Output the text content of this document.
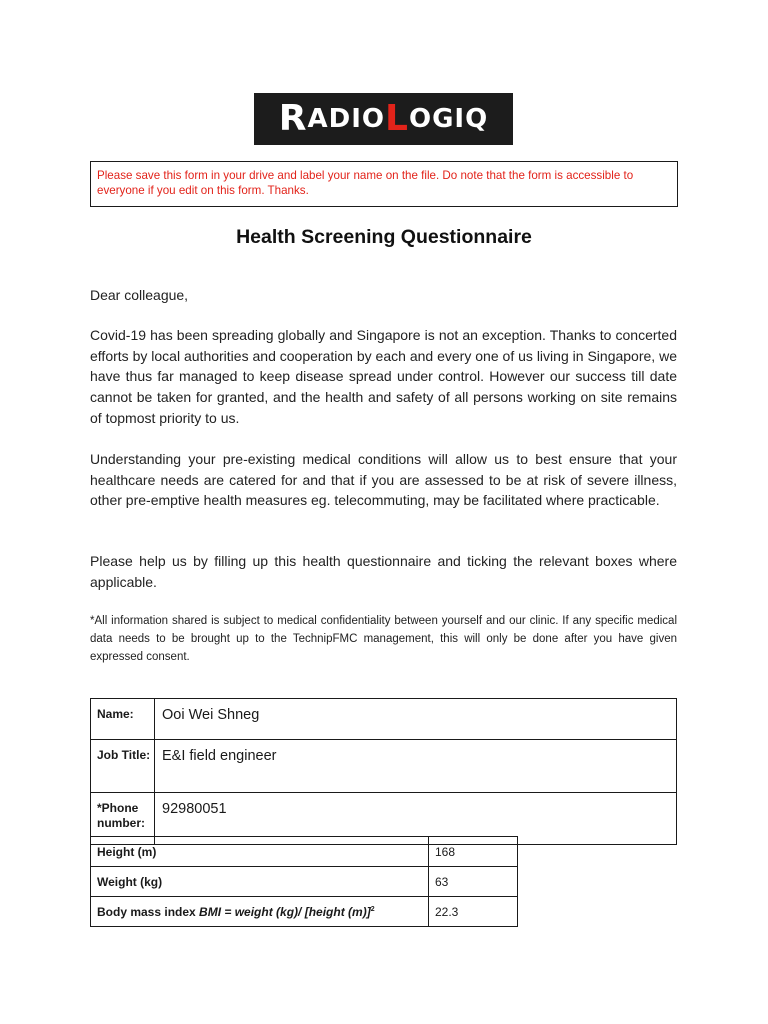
R ADIO L OGIQ
Please save this form in your drive and label your name on the file. Do note that the form is accessible to everyone if you edit on this form. Thanks.
Health Screening Questionnaire
Dear colleague,
Covid-19 has been spreading globally and Singapore is not an exception. Thanks to concerted efforts by local authorities and cooperation by each and every one of us living in Singapore, we have thus far managed to keep disease spread under control. However our success till date cannot be taken for granted, and the health and safety of all persons working on site remains of topmost priority to us.
Understanding your pre-existing medical conditions will allow us to best ensure that your healthcare needs are catered for and that if you are assessed to be at risk of severe illness, other pre-emptive health measures eg. telecommuting, may be facilitated where practicable.
Please help us by filling up this health questionnaire and ticking the relevant boxes where applicable.
*All information shared is subject to medical confidentiality between yourself and our clinic. If any specific medical data needs to be brought up to the TechnipFMC management, this will only be done after you have given expressed consent.
Name:	Ooi Wei Shneg
Job Title:	E&I field engineer
*Phone number:	92980051
Height (m)	168
Weight (kg)	63
Body mass index BMI = weight (kg)/ [height (m)]$^2$	22.3
